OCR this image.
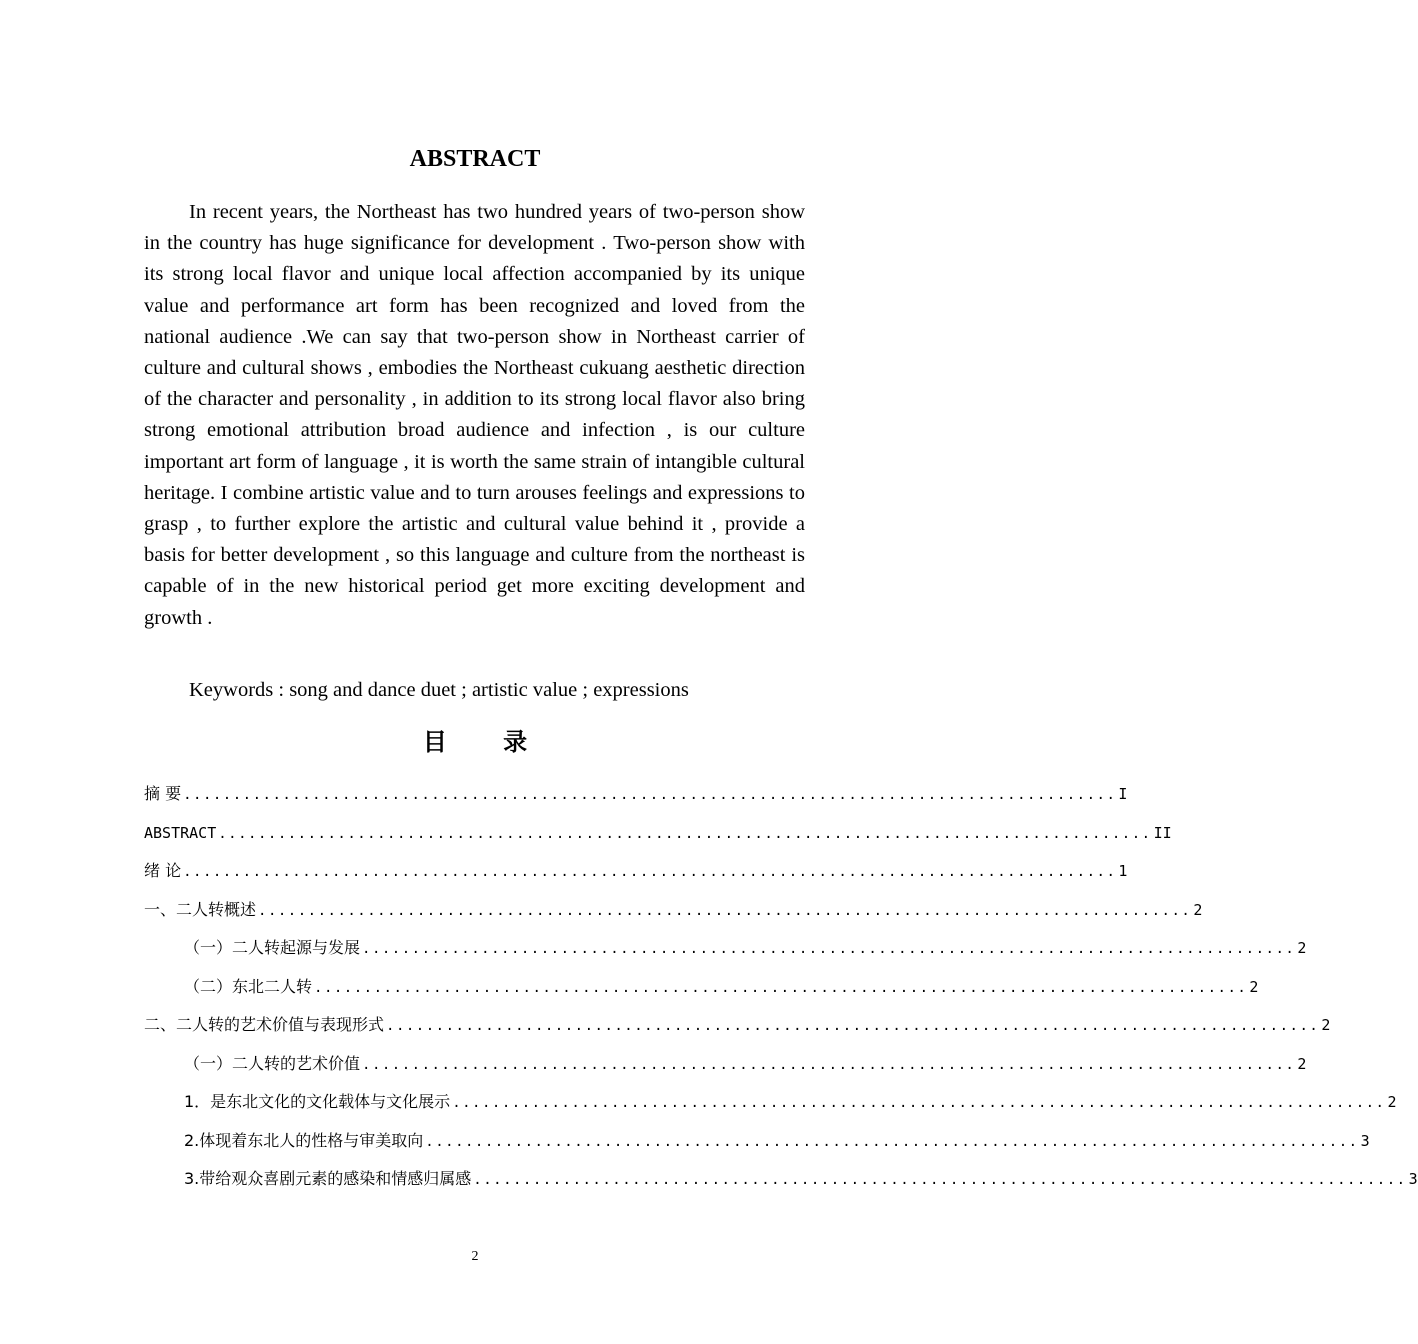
ABSTRACT

In recent years, the Northeast has two hundred years of two-person show in the country has huge significance for development . Two-person show with its strong local flavor and unique local affection accompanied by its unique value and performance art form has been recognized and loved from the national audience .We can say that two-person show in Northeast carrier of culture and cultural shows , embodies the Northeast cukuang aesthetic direction of the character and personality , in addition to its strong local flavor also bring strong emotional attribution broad audience and infection , is our culture important art form of language , it is worth the same strain of intangible cultural heritage. I combine artistic value and to turn arouses feelings and expressions to grasp , to further explore the artistic and cultural value behind it , provide a basis for better development , so this language and culture from the northeast is capable of in the new historical period get more exciting development and growth .

Keywords : song and dance duet ; artistic value ; expressions

目 录
摘 要 .............................................................................................. I
ABSTRACT .............................................................................................. II
绪 论 .............................................................................................. 1
一、二人转概述 .............................................................................................. 2
（一）二人转起源与发展 .............................................................................................. 2
（二）东北二人转 .............................................................................................. 2
二、二人转的艺术价值与表现形式 .............................................................................................. 2
（一）二人转的艺术价值 .............................................................................................. 2
1．是东北文化的文化载体与文化展示 .............................................................................................. 2
2.体现着东北人的性格与审美取向 .............................................................................................. 3
3.带给观众喜剧元素的感染和情感归属感 .............................................................................................. 3
2
